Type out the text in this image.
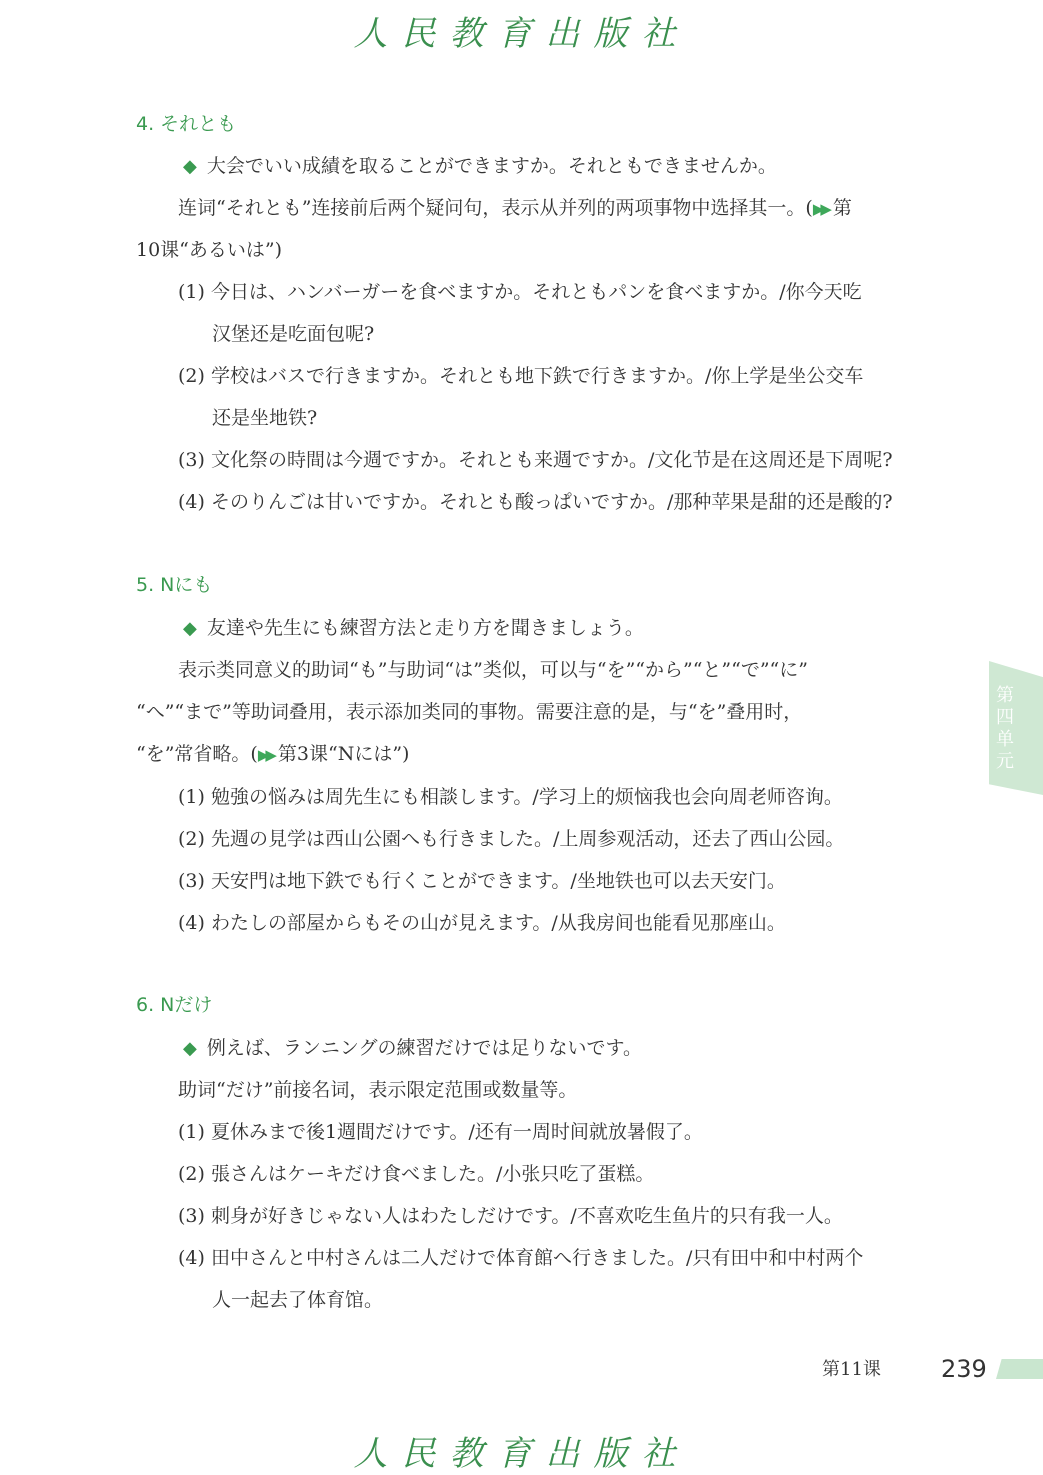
人民教育出版社
4. それとも
◆ 大会でいい成績を取ることができますか。それともできませんか。
连词“それとも”连接前后两个疑问句，表示从并列的两项事物中选择其一。(▶▶ 第
10课“あるいは”)
(1) 今日は、ハンバーガーを食べますか。それともパンを食べますか。/你今天吃
汉堡还是吃面包呢?
(2) 学校はバスで行きますか。それとも地下鉄で行きますか。/你上学是坐公交车
还是坐地铁?
(3) 文化祭の時間は今週ですか。それとも来週ですか。/文化节是在这周还是下周呢?
(4) そのりんごは甘いですか。それとも酸っぱいですか。/那种苹果是甜的还是酸的?
5. Nにも
◆ 友達や先生にも練習方法と走り方を聞きましょう。
表示类同意义的助词“も”与助词“は”类似，可以与“を”“から”“と”“で”“に”
“へ”“まで”等助词叠用，表示添加类同的事物。需要注意的是，与“を”叠用时，
“を”常省略。(▶▶ 第3课“Nには”)
(1) 勉強の悩みは周先生にも相談します。/学习上的烦恼我也会向周老师咨询。
(2) 先週の見学は西山公園へも行きました。/上周参观活动，还去了西山公园。
(3) 天安門は地下鉄でも行くことができます。/坐地铁也可以去天安门。
(4) わたしの部屋からもその山が見えます。/从我房间也能看见那座山。
6. Nだけ
◆ 例えば、ランニングの練習だけでは足りないです。
助词“だけ”前接名词，表示限定范围或数量等。
(1) 夏休みまで後1週間だけです。/还有一周时间就放暑假了。
(2) 張さんはケーキだけ食べました。/小张只吃了蛋糕。
(3) 刺身が好きじゃない人はわたしだけです。/不喜欢吃生鱼片的只有我一人。
(4) 田中さんと中村さんは二人だけで体育館へ行きました。/只有田中和中村两个
人一起去了体育馆。
第四单元
第11课	239
人民教育出版社
